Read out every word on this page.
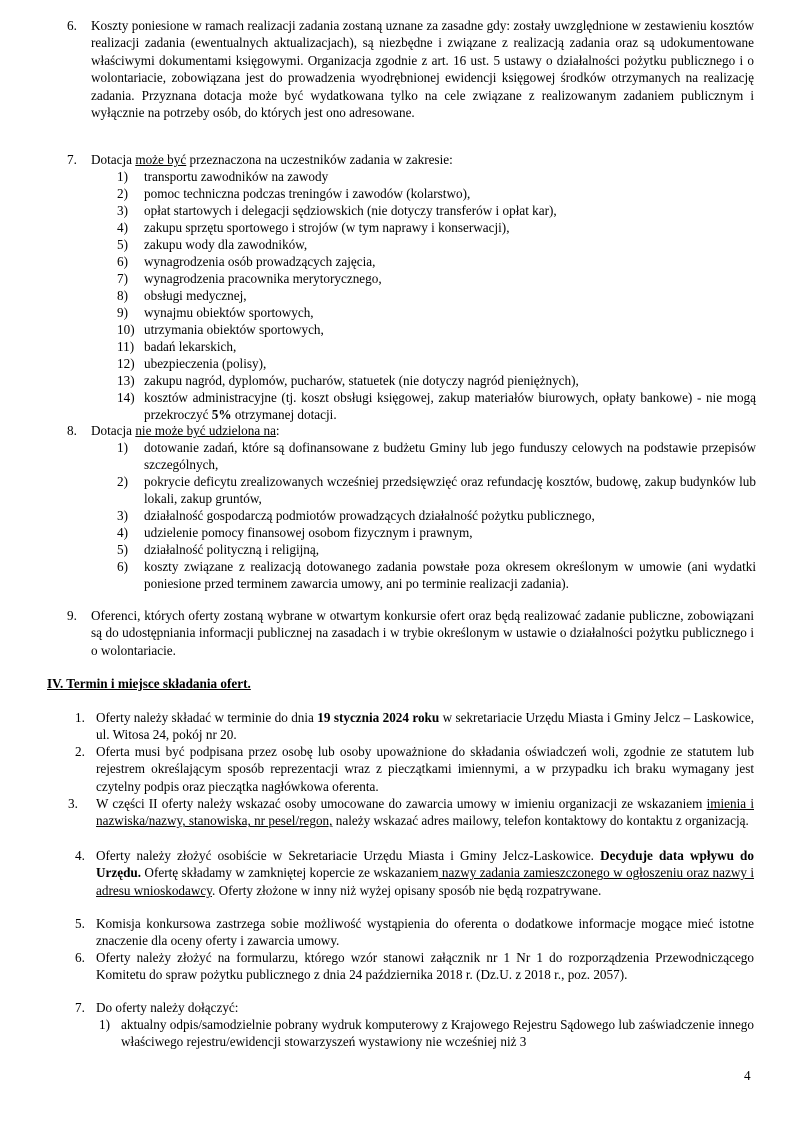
6. Koszty poniesione w ramach realizacji zadania zostaną uznane za zasadne gdy: zostały uwzględnione w zestawieniu kosztów realizacji zadania (ewentualnych aktualizacjach), są niezbędne i związane z realizacją zadania oraz są udokumentowane właściwymi dokumentami księgowymi. Organizacja zgodnie z art. 16 ust. 5 ustawy o działalności pożytku publicznego i o wolontariacie, zobowiązana jest do prowadzenia wyodrębnionej ewidencji księgowej środków otrzymanych na realizację zadania. Przyznana dotacja może być wydatkowana tylko na cele związane z realizowanym zadaniem publicznym i wyłącznie na potrzeby osób, do których jest ono adresowane.

7. Dotacja może być przeznaczona na uczestników zadania w zakresie:

1) transportu zawodników na zawody

2) pomoc techniczna podczas treningów i zawodów (kolarstwo),

3) opłat startowych i delegacji sędziowskich (nie dotyczy transferów i opłat kar),

4) zakupu sprzętu sportowego i strojów (w tym naprawy i konserwacji),

5) zakupu wody dla zawodników,

6) wynagrodzenia osób prowadzących zajęcia,

7) wynagrodzenia pracownika merytorycznego,

8) obsługi medycznej,

9) wynajmu obiektów sportowych,

10) utrzymania obiektów sportowych,

11) badań lekarskich,

12) ubezpieczenia (polisy),

13) zakupu nagród, dyplomów, pucharów, statuetek (nie dotyczy nagród pieniężnych),

14) kosztów administracyjne (tj. koszt obsługi księgowej, zakup materiałów biurowych, opłaty bankowe) - nie mogą przekroczyć 5% otrzymanej dotacji.

8. Dotacja nie może być udzielona na:

1) dotowanie zadań, które są dofinansowane z budżetu Gminy lub jego funduszy celowych na podstawie przepisów szczególnych,

2) pokrycie deficytu zrealizowanych wcześniej przedsięwzięć oraz refundację kosztów, budowę, zakup budynków lub lokali, zakup gruntów,

3) działalność gospodarczą podmiotów prowadzących działalność pożytku publicznego,

4) udzielenie pomocy finansowej osobom fizycznym i prawnym,

5) działalność polityczną i religijną,

6) koszty związane z realizacją dotowanego zadania powstałe poza okresem określonym w umowie (ani wydatki poniesione przed terminem zawarcia umowy, ani po terminie realizacji zadania).

9. Oferenci, których oferty zostaną wybrane w otwartym konkursie ofert oraz będą realizować zadanie publiczne, zobowiązani są do udostępniania informacji publicznej na zasadach i w trybie określonym w ustawie o działalności pożytku publicznego i o wolontariacie.

IV. Termin i miejsce składania ofert.
1. Oferty należy składać w terminie do dnia 19 stycznia 2024 roku w sekretariacie Urzędu Miasta i Gminy Jelcz – Laskowice, ul. Witosa 24, pokój nr 20.

2. Oferta musi być podpisana przez osobę lub osoby upoważnione do składania oświadczeń woli, zgodnie ze statutem lub rejestrem określającym sposób reprezentacji wraz z pieczątkami imiennymi, a w przypadku ich braku wymagany jest czytelny podpis oraz pieczątka nagłówkowa oferenta.

3. W części II oferty należy wskazać osoby umocowane do zawarcia umowy w imieniu organizacji ze wskazaniem imienia i nazwiska/nazwy, stanowiska, nr pesel/regon, należy wskazać adres mailowy, telefon kontaktowy do kontaktu z organizacją.

4. Oferty należy złożyć osobiście w Sekretariacie Urzędu Miasta i Gminy Jelcz-Laskowice. Decyduje data wpływu do Urzędu. Ofertę składamy w zamkniętej kopercie ze wskazaniem nazwy zadania zamieszczonego w ogłoszeniu oraz nazwy i adresu wnioskodawcy. Oferty złożone w inny niż wyżej opisany sposób nie będą rozpatrywane.

5. Komisja konkursowa zastrzega sobie możliwość wystąpienia do oferenta o dodatkowe informacje mogące mieć istotne znaczenie dla oceny oferty i zawarcia umowy.

6. Oferty należy złożyć na formularzu, którego wzór stanowi załącznik nr 1 Nr 1 do rozporządzenia Przewodniczącego Komitetu do spraw pożytku publicznego z dnia 24 października 2018 r. (Dz.U. z 2018 r., poz. 2057).

7. Do oferty należy dołączyć:

1) aktualny odpis/samodzielnie pobrany wydruk komputerowy z Krajowego Rejestru Sądowego lub zaświadczenie innego właściwego rejestru/ewidencji stowarzyszeń wystawiony nie wcześniej niż 3

4
